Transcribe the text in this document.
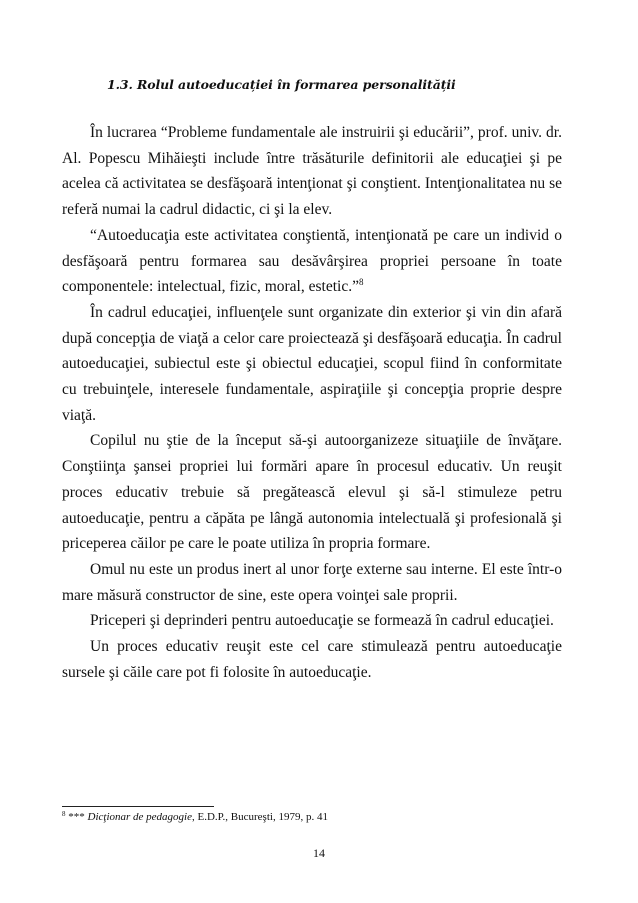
1.3. Rolul autoeducației în formarea personalității

În lucrarea “Probleme fundamentale ale instruirii şi educării”, prof. univ. dr. Al. Popescu Mihăieşti include între trăsăturile definitorii ale educaţiei şi pe acelea că activitatea se desfăşoară intenţionat şi conştient. Intenţionalitatea nu se referă numai la cadrul didactic, ci şi la elev.

“Autoeducaţia este activitatea conştientă, intenţionată pe care un individ o desfăşoară pentru formarea sau desăvârşirea propriei persoane în toate componentele: intelectual, fizic, moral, estetic.”$^8$

În cadrul educaţiei, influenţele sunt organizate din exterior şi vin din afară după concepţia de viaţă a celor care proiectează şi desfăşoară educaţia. În cadrul autoeducaţiei, subiectul este şi obiectul educaţiei, scopul fiind în conformitate cu trebuinţele, interesele fundamentale, aspiraţiile şi concepţia proprie despre viaţă.

Copilul nu ştie de la început să-şi autoorganizeze situaţiile de învăţare. Conştiinţa şansei propriei lui formări apare în procesul educativ. Un reuşit proces educativ trebuie să pregătească elevul şi să-l stimuleze petru autoeducaţie, pentru a căpăta pe lângă autonomia intelectuală şi profesională şi priceperea căilor pe care le poate utiliza în propria formare.

Omul nu este un produs inert al unor forţe externe sau interne. El este într-o mare măsură constructor de sine, este opera voinţei sale proprii.

Priceperi şi deprinderi pentru autoeducaţie se formează în cadrul educaţiei.

Un proces educativ reuşit este cel care stimulează pentru autoeducaţie sursele şi căile care pot fi folosite în autoeducaţie.

$^8$ *** Dicţionar de pedagogie, E.D.P., Bucureşti, 1979, p. 41
14
